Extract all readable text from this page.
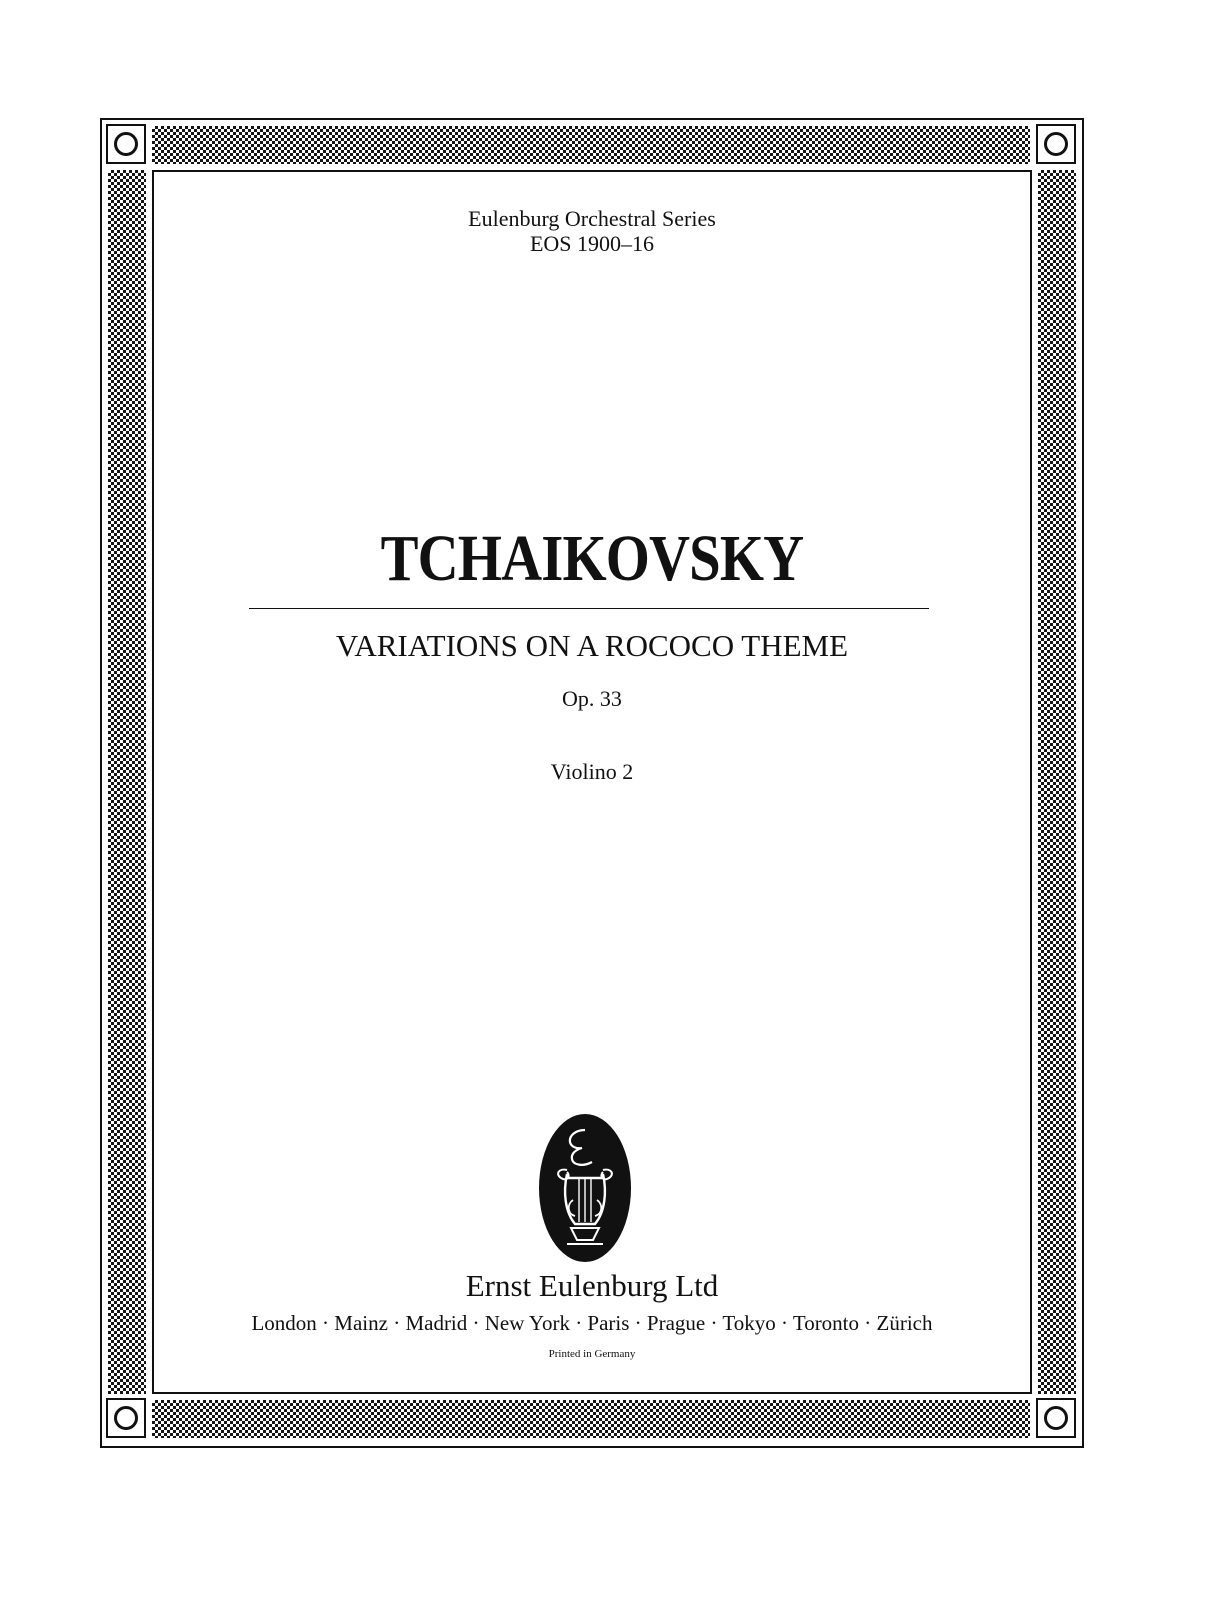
Eulenburg Orchestral Series
EOS 1900–16
TCHAIKOVSKY
VARIATIONS ON A ROCOCO THEME
Op. 33
Violino 2
Ernst Eulenburg Ltd
London · Mainz · Madrid · New York · Paris · Prague · Tokyo · Toronto · Zürich
Printed in Germany
